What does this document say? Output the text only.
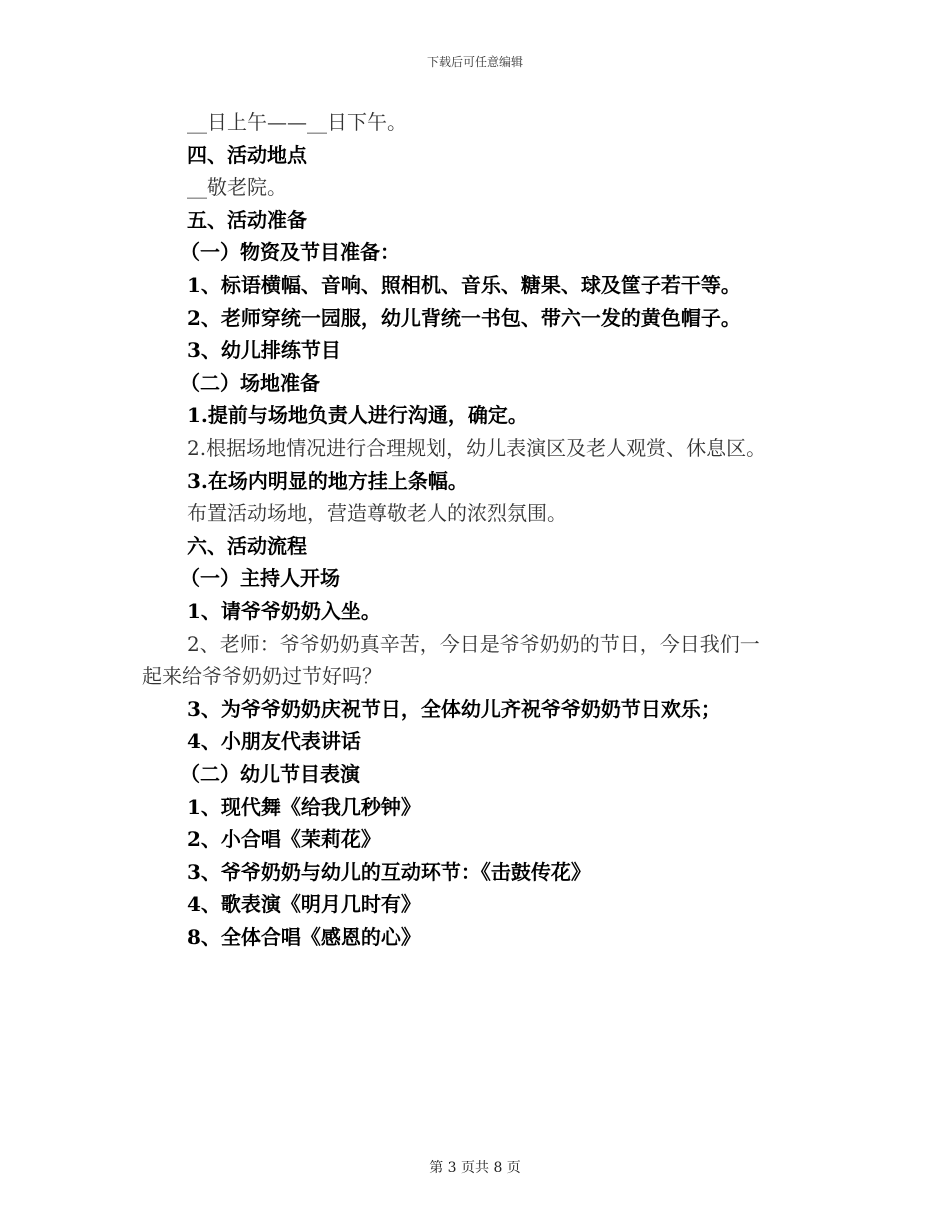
下载后可任意编辑
__日上午——__日下午。
四、活动地点
__敬老院。
五、活动准备
（一）物资及节目准备：
1、标语横幅、音响、照相机、音乐、糖果、球及筐子若干等。
2、老师穿统一园服，幼儿背统一书包、带六一发的黄色帽子。
3、幼儿排练节目
（二）场地准备
1.提前与场地负责人进行沟通，确定。
2.根据场地情况进行合理规划，幼儿表演区及老人观赏、休息区。
3.在场内明显的地方挂上条幅。
布置活动场地，营造尊敬老人的浓烈氛围。
六、活动流程
（一）主持人开场
1、请爷爷奶奶入坐。
2、老师：爷爷奶奶真辛苦，今日是爷爷奶奶的节日，今日我们一
起来给爷爷奶奶过节好吗？
3、为爷爷奶奶庆祝节日，全体幼儿齐祝爷爷奶奶节日欢乐；
4、小朋友代表讲话
（二）幼儿节目表演
1、现代舞《给我几秒钟》
2、小合唱《茉莉花》
3、爷爷奶奶与幼儿的互动环节：《击鼓传花》
4、歌表演《明月几时有》
8、全体合唱《感恩的心》
第 3 页共 8 页
